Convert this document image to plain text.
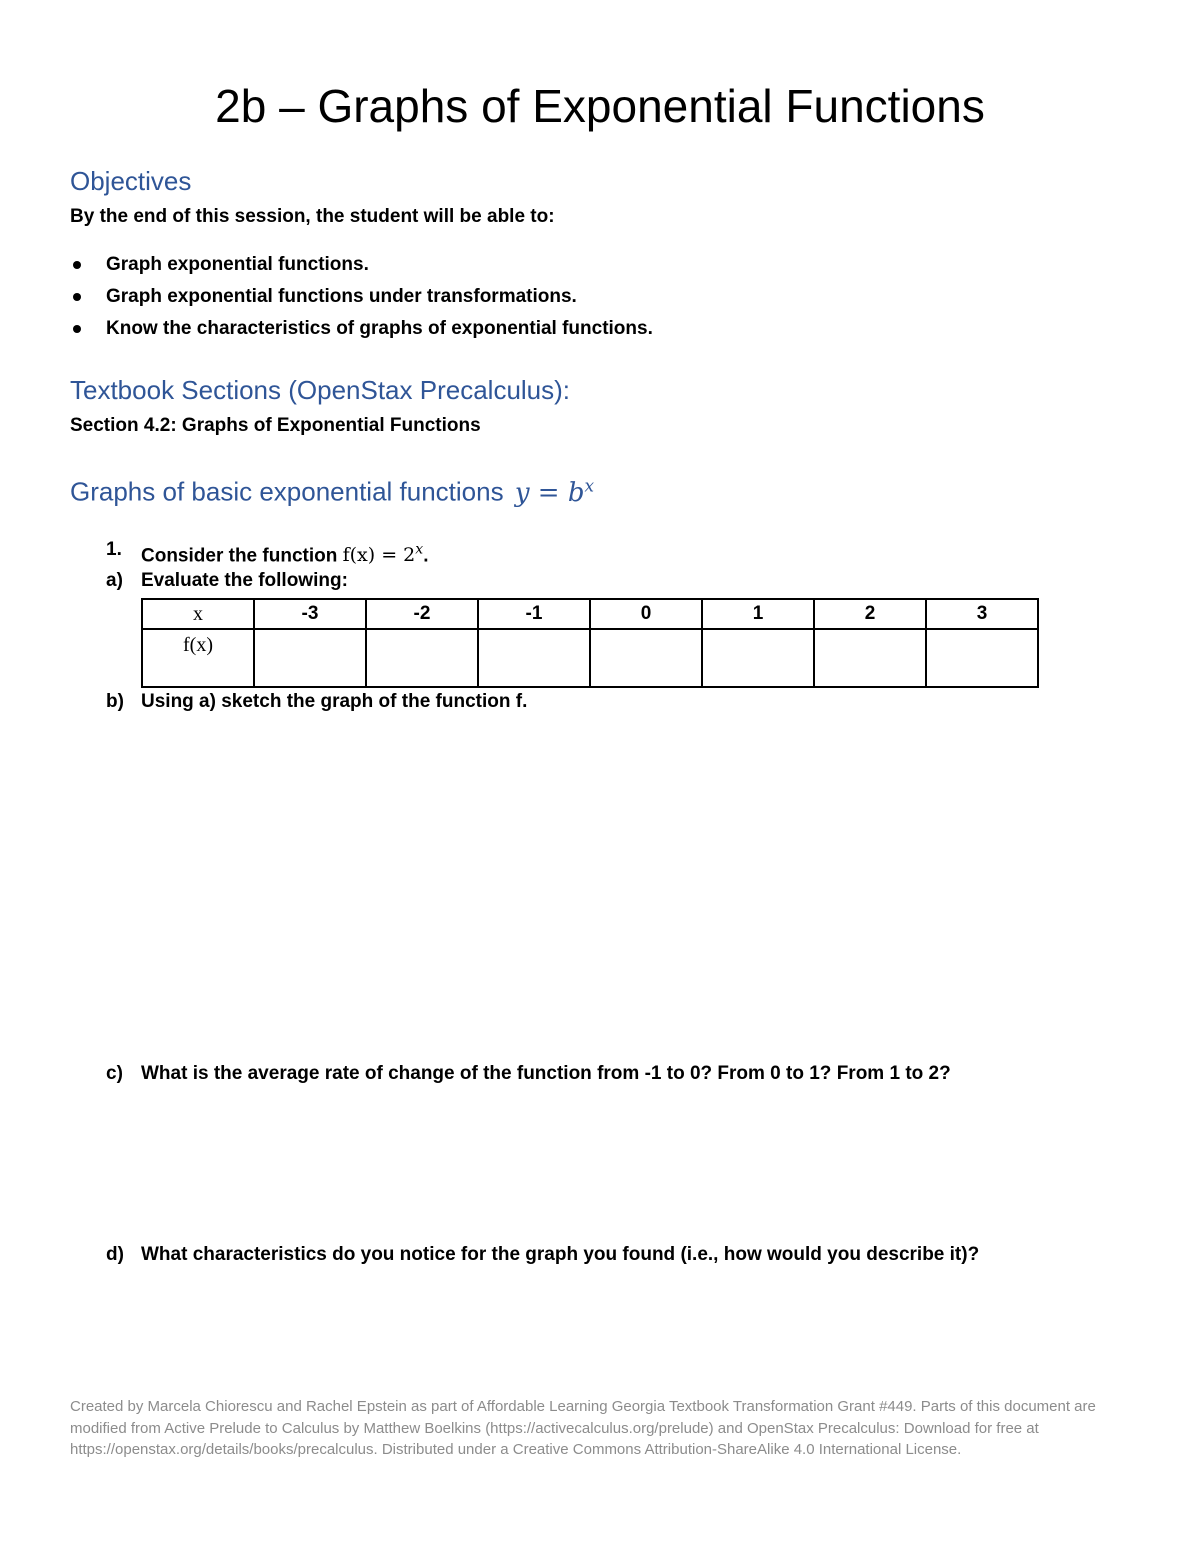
2b – Graphs of Exponential Functions
Objectives
By the end of this session, the student will be able to:
Graph exponential functions.
Graph exponential functions under transformations.
Know the characteristics of graphs of exponential functions.
Textbook Sections (OpenStax Precalculus):
Section 4.2: Graphs of Exponential Functions
Graphs of basic exponential functions $y = b^x$
1. Consider the function $f(x) = 2^x$.
a) Evaluate the following:
x	-3	-2	-1	0	1	2	3
f(x)							
b) Using a) sketch the graph of the function f.
c) What is the average rate of change of the function from -1 to 0? From 0 to 1? From 1 to 2?
d) What characteristics do you notice for the graph you found (i.e., how would you describe it)?
Created by Marcela Chiorescu and Rachel Epstein as part of Affordable Learning Georgia Textbook Transformation Grant #449. Parts of this document are modified from Active Prelude to Calculus by Matthew Boelkins (https://activecalculus.org/prelude) and OpenStax Precalculus: Download for free at https://openstax.org/details/books/precalculus. Distributed under a Creative Commons Attribution-ShareAlike 4.0 International License.
